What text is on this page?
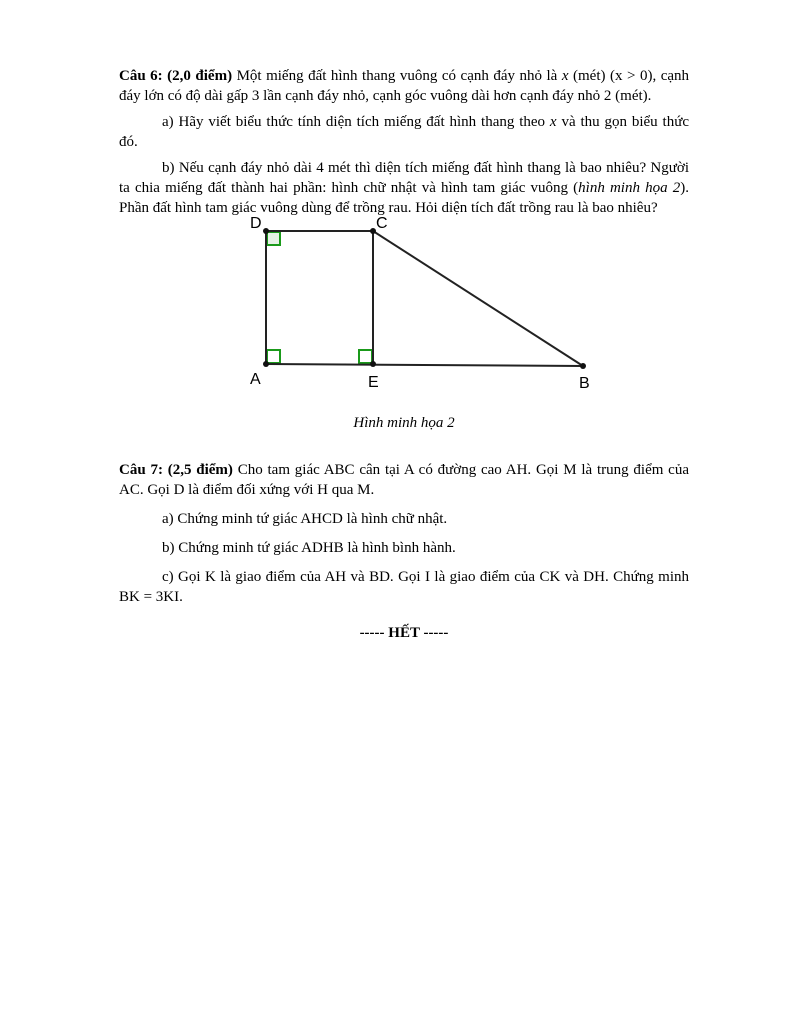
Câu 6: (2,0 điểm) Một miếng đất hình thang vuông có cạnh đáy nhỏ là x (mét) (x > 0), cạnh đáy lớn có độ dài gấp 3 lần cạnh đáy nhỏ, cạnh góc vuông dài hơn cạnh đáy nhỏ 2 (mét).

a) Hãy viết biểu thức tính diện tích miếng đất hình thang theo x và thu gọn biểu thức đó.

b) Nếu cạnh đáy nhỏ dài 4 mét thì diện tích miếng đất hình thang là bao nhiêu? Người ta chia miếng đất thành hai phần: hình chữ nhật và hình tam giác vuông (hình minh họa 2). Phần đất hình tam giác vuông dùng để trồng rau. Hỏi diện tích đất trồng rau là bao nhiêu?

D	C
A	E	B
Hình minh họa 2

Câu 7: (2,5 điểm) Cho tam giác ABC cân tại A có đường cao AH. Gọi M là trung điểm của AC. Gọi D là điểm đối xứng với H qua M.

a) Chứng minh tứ giác AHCD là hình chữ nhật.

b) Chứng minh tứ giác ADHB là hình bình hành.

c) Gọi K là giao điểm của AH và BD. Gọi I là giao điểm của CK và DH. Chứng minh BK = 3KI.

----- HẾT -----
